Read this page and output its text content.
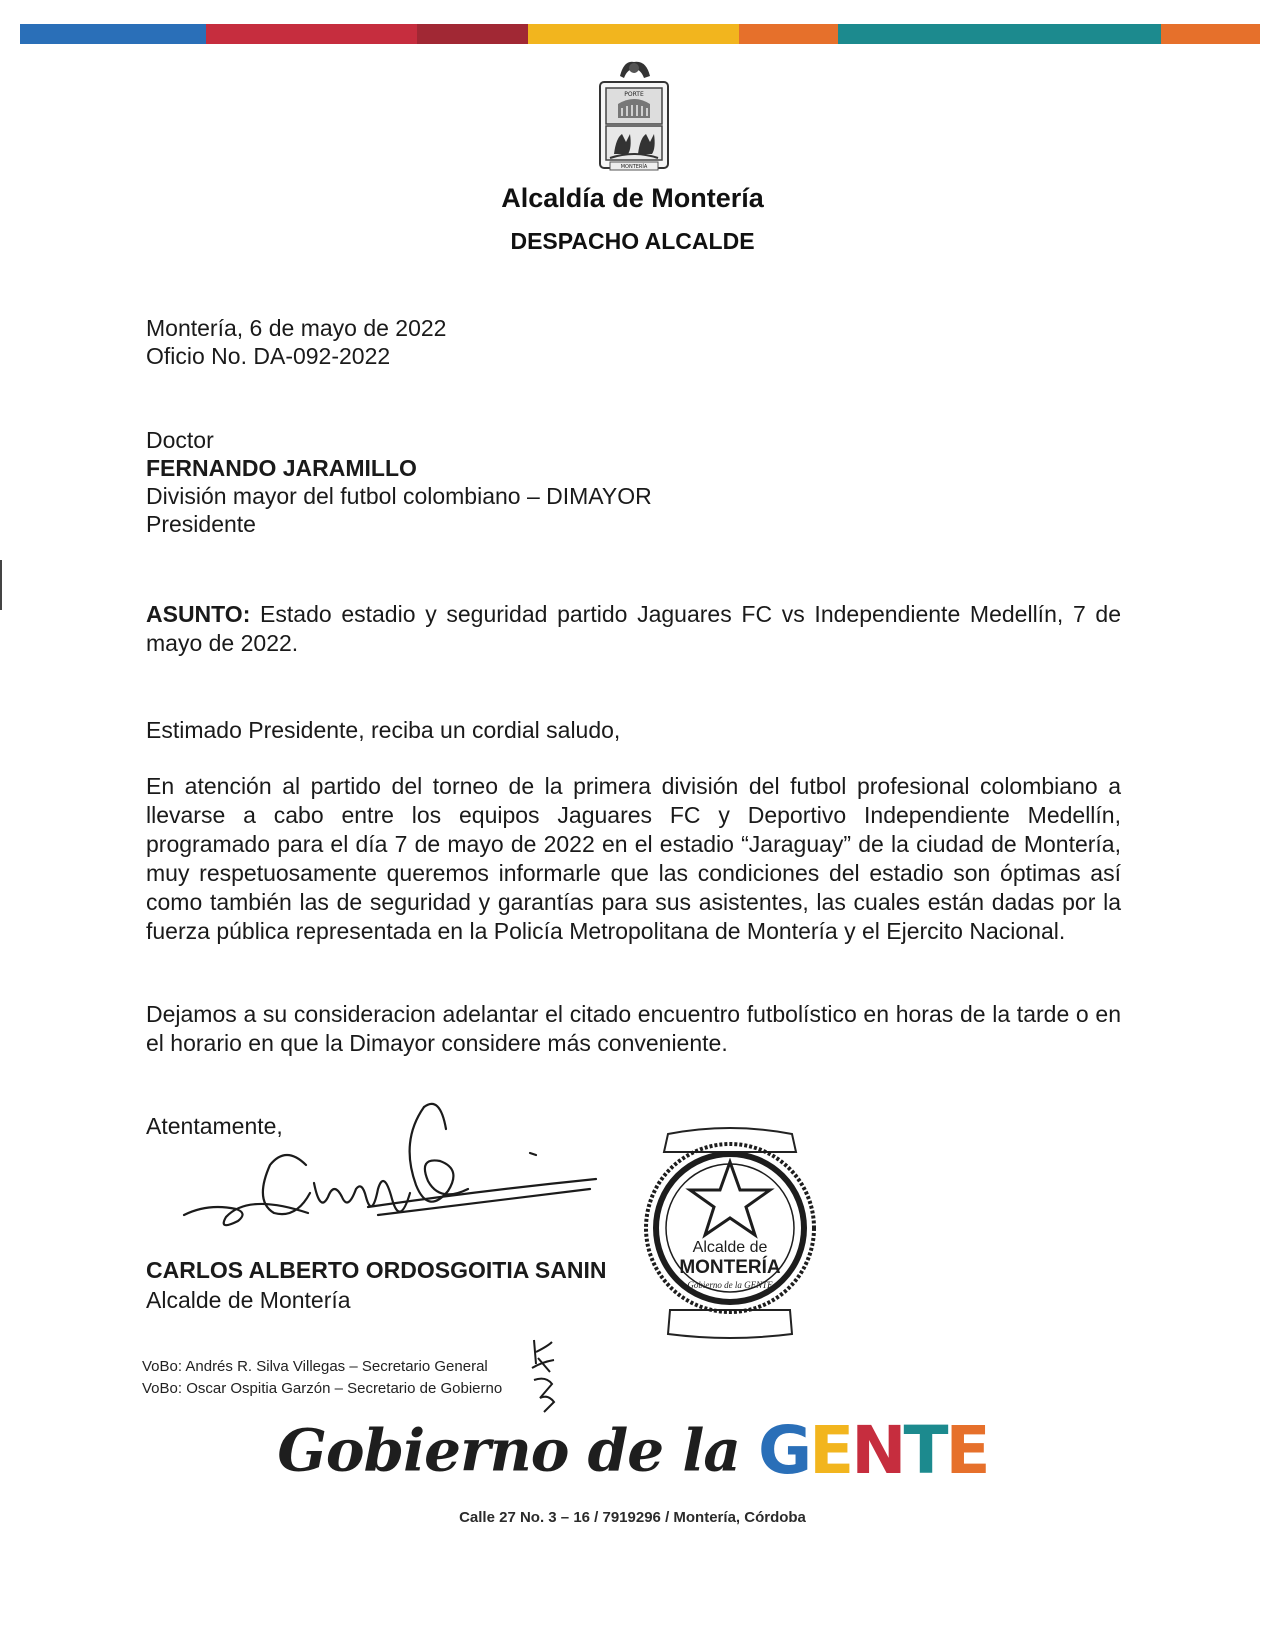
PORTE
MONTERÍA
Alcaldía de Montería
DESPACHO ALCALDE
Montería, 6 de mayo de 2022
Oficio No. DA-092-2022
Doctor
FERNANDO JARAMILLO
División mayor del futbol colombiano – DIMAYOR
Presidente
ASUNTO: Estado estadio y seguridad partido Jaguares FC vs Independiente Medellín, 7 de mayo de 2022.
Estimado Presidente, reciba un cordial saludo,
En atención al partido del torneo de la primera división del futbol profesional colombiano a llevarse a cabo entre los equipos Jaguares FC y Deportivo Independiente Medellín, programado para el día 7 de mayo de 2022 en el estadio “Jaraguay” de la ciudad de Montería, muy respetuosamente queremos informarle que las condiciones del estadio son óptimas así como también las de seguridad y garantías para sus asistentes, las cuales están dadas por la fuerza pública representada en la Policía Metropolitana de Montería y el Ejercito Nacional.
Dejamos a su consideracion adelantar el citado encuentro futbolístico en horas de la tarde o en el horario en que la Dimayor considere más conveniente.
Atentamente,
CARLOS ALBERTO ORDOSGOITIA SANIN
Alcalde de Montería
Alcalde de
MONTERÍA
Gobierno de la GENTE
VoBo: Andrés R. Silva Villegas – Secretario General
VoBo: Oscar Ospitia Garzón – Secretario de Gobierno
Gobierno de la GENTE
Calle 27 No. 3 – 16 / 7919296 / Montería, Córdoba
